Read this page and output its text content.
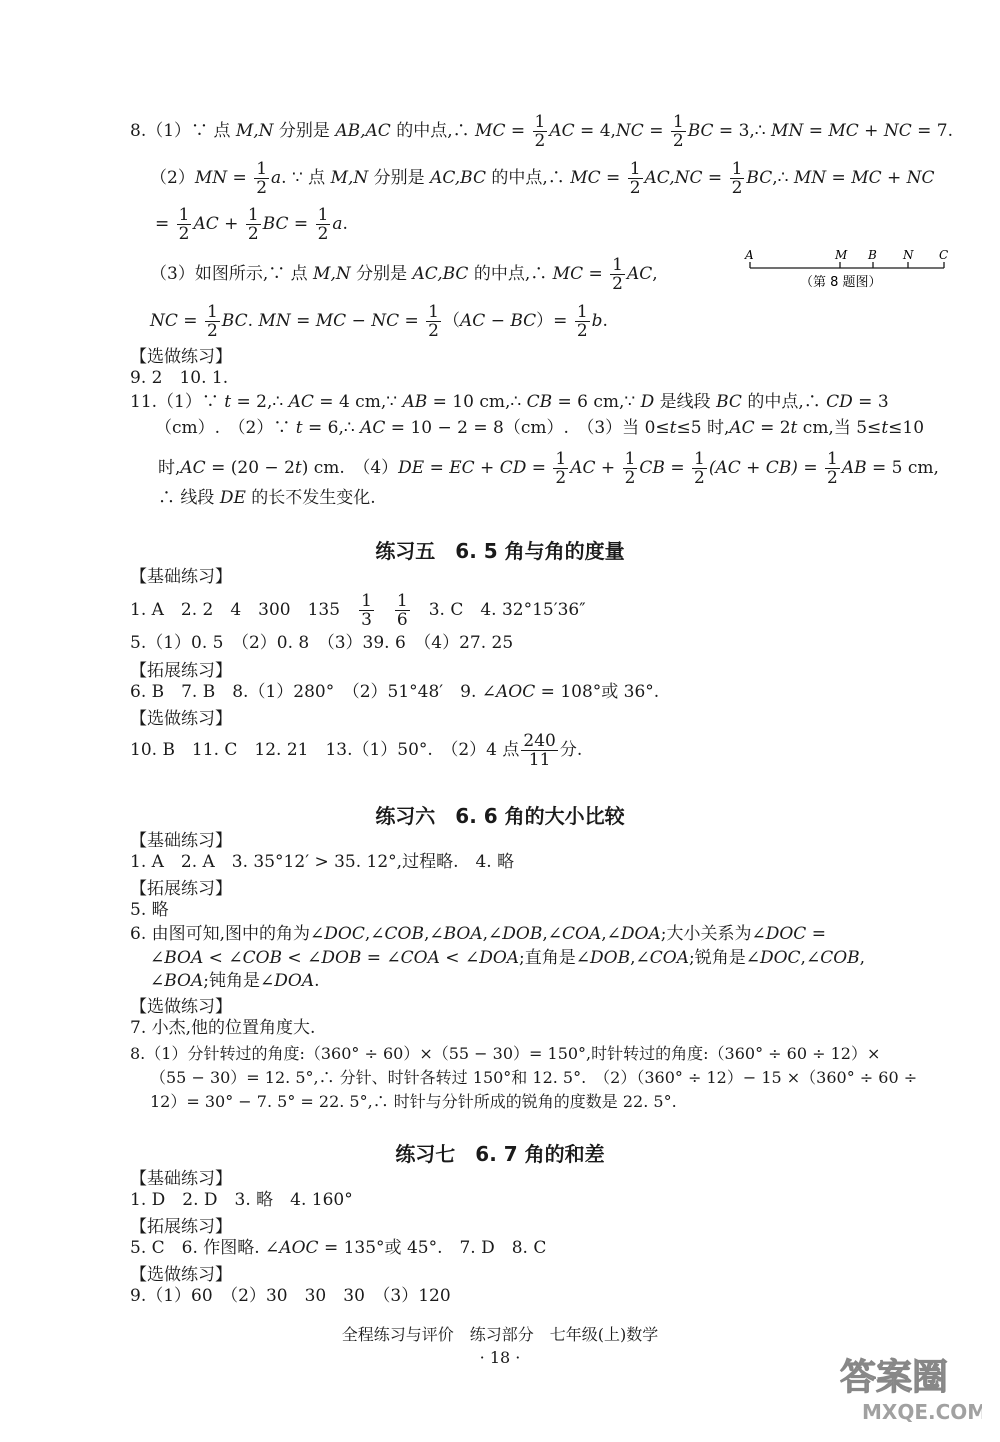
8.（1）∵ 点 M,N 分别是 AB,AC 的中点,∴ MC = $\frac{1}{2}$ AC = $4,NC = \frac{1}{2}$ BC = 3,∴ MN = MC + NC = 7.
$(2)MN = \frac{1}{2} a$. ∵ 点 M,N 分别是 AC,BC 的中点,∴ MC = $\frac{1}{2} AC,NC = \frac{1}{2}$ BC,∴ MN = MC + NC
= $\frac{1}{2}$ AC + $\frac{1}{2}$ BC = $\frac{1}{2} a$.
（3）如图所示,∵ 点 M,N 分别是 AC,BC 的中点,∴ MC = $\frac{1}{2}$ AC,
A	M B N C
（第 8 题图）
NC = $\frac{1}{2}$ BC. MN = MC − NC = $\frac{1}{2} (AC - BC)= \frac{1}{2} b$.
【选做练习】
9. 2　10. 1.
11.（1）∵ t = 2,∴ AC = 4 cm,∵ AB = 10 cm,∴ CB = 6 cm,∵ D 是线段 BC 的中点,∴ CD = 3
（cm）.　（2）∵ t = 6,∴ AC = 10 − 2 = 8（cm）.　（3）当 0≤t≤5 时,AC = 2t cm,当 5≤t≤10
时,AC = (20 − 2t) cm.　（4）DE = EC + CD = $\frac{1}{2}$ AC + $\frac{1}{2}$ CB = $\frac{1}{2} (AC + CB) = \frac{1}{2}$ AB = 5 cm,
∴ 线段 DE 的长不发生变化.
练习五　6. 5 角与角的度量
【基础练习】
1. A　2. 2　4　300　135　 $\frac{1}{3}$
　 $\frac{1}{6}$ 　3. C　4. 32°15′36″
5.（1）0. 5　（2）0. 8　（3）39. 6　（4）27. 25
【拓展练习】
6. B　7. B　8.（1）280°　（2）51°48′　9. ∠AOC = 108°或 36°.
【选做练习】
10. B　11. C　12. 21　13.（1）50°.　（2）4 点 $\frac{240}{11}$ 分.
练习六　6. 6 角的大小比较
【基础练习】
1. A　2. A　3. 35°12′ > 35. 12°,过程略.　4. 略
【拓展练习】
5. 略
6. 由图可知,图中的角为∠DOC,∠COB,∠BOA,∠DOB,∠COA,∠DOA;大小关系为∠DOC =
∠BOA < ∠COB < ∠DOB = ∠COA < ∠DOA;直角是∠DOB,∠COA;锐角是∠DOC,∠COB,
∠BOA;钝角是∠DOA.
【选做练习】
7. 小杰,他的位置角度大.
8.（1）分针转过的角度:（360° ÷ 60）×（55 − 30）= 150°,时针转过的角度:（360° ÷ 60 ÷ 12）×
（55 − 30）= 12. 5°,∴ 分针、时针各转过 150°和 12. 5°.　（2）（360° ÷ 12）− 15 ×（360° ÷ 60 ÷
12）= 30° − 7. 5° = 22. 5°,∴ 时针与分针所成的锐角的度数是 22. 5°.
练习七　6. 7 角的和差
【基础练习】
1. D　2. D　3. 略　4. 160°
【拓展练习】
5. C　6. 作图略. ∠AOC = 135°或 45°.　7. D　8. C
【选做练习】
9.（1）60　（2）30　30　30　（3）120
全程练习与评价　练习部分　七年级(上)数学
· 18 ·	答案圈
MXQE.COM
